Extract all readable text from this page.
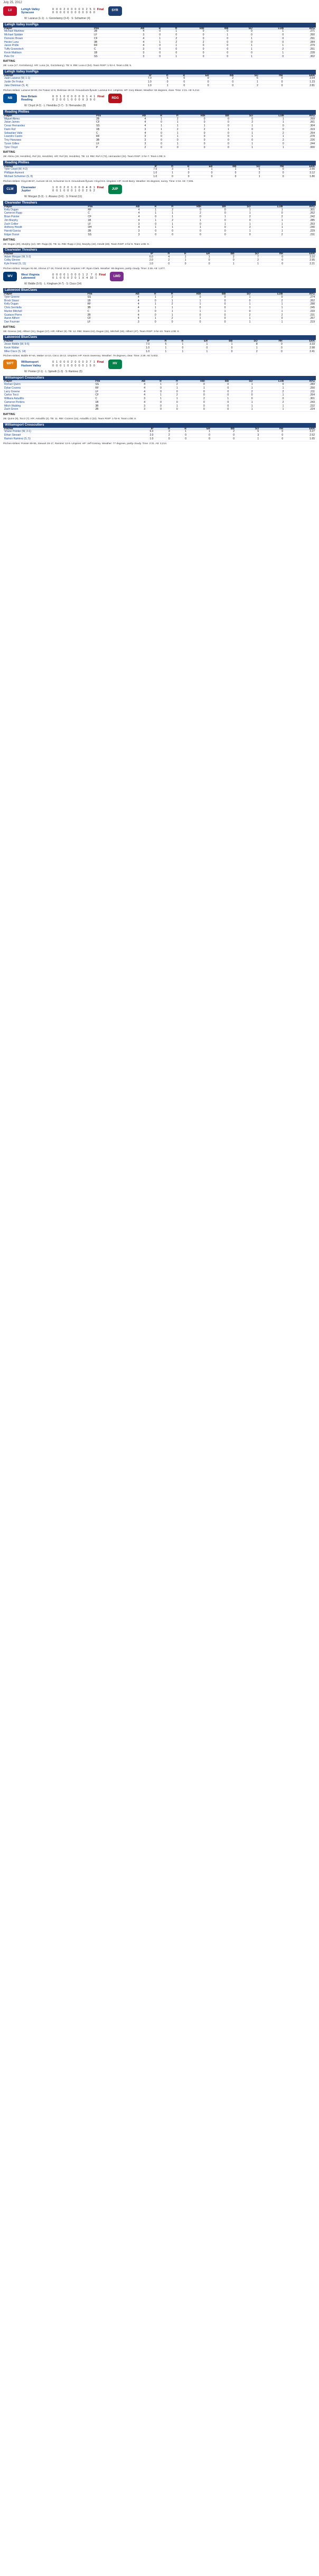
July 25, 2012
LV	Lehigh Valley	0	0	0	2	0	0	0	0	0	2	5	0	Final
Syracuse	0	0	0	0	0	0	0	0	0	0	6	0	
SYR
W: Lazarus (1-1) · L: Gorzelanny (3-4) · S: Schwimer (4)
Lehigh Valley IronPigs
Player	Pos	AB	R	H	RBI	BB	SO	LOB	AVG
Michael Martinez	2B	4	0	1	0	0	0	1	.271
Michael Spidale	LF	3	0	0	0	1	0	0	.260
Domonic Brown	CF	4	1	2	0	0	1	0	.291
Hector Luna	3B	4	1	2	2	0	0	0	.284
Jason Pridie	RF	4	0	1	0	0	1	1	.279
Tuffy Gosewisch	C	3	0	0	0	0	1	2	.251
Kevin Mattison	1B	3	0	0	0	0	0	1	.228
Pete Orr	SS	3	0	1	0	0	1	0	.302
BATTING
2B: Luna (17, Gorzelanny). HR: Luna (11, Gorzelanny). TB: 8. RBI: Luna 2 (54). Team RISP: 1-for-4. Team LOB: 5.
Lehigh Valley IronPigs
Pitcher		IP	H	R	ER	BB	SO	HR	ERA
Juan Lazarus (W, 1-1)		7.0	5	0	0	2	6	0	3.54
Justin De Fratus		1.0	0	0	0	0	1	0	1.23
Jake Diekman (S, 4)		1.0	1	0	0	0	2	0	2.81
Pitches-strikes: Lazarus 94-60, De Fratus 12-9, Diekman 19-13. Groundouts-flyouts: Lazarus 9-4. Umpires: HP: Cory Blaser. Weather: 84 degrees, clear. Time: 2:21. Att: 6,412.
NB	New Britain	0	0	1	0	0	0	0	0	0	1	4	1	Final
Reading	0	2	0	0	1	0	0	0	X	3	9	0	
RDG
W: Cloyd (4-2) · L: Hendriks (2-7) · S: Hernandez (8)
Reading Phillies
Player	Pos	AB	R	H	RBI	BB	SO	LOB	AVG
Miguel Abreu	2B	4	1	2	0	0	0	1	.269
Jiwan James	CF	4	0	1	0	0	2	1	.261
Cesar Hernandez	SS	4	1	1	1	0	1	0	.304
Darin Ruf	1B	3	1	2	2	1	0	0	.319
Sebastian Valle	C	4	0	1	0	0	1	2	.254
Leandro Castro	RF	3	0	1	0	0	1	1	.278
Troy Hanzawa	3B	3	0	0	0	0	0	2	.226
Tyson Gillies	LF	3	0	1	0	0	1	0	.244
Tyler Cloyd	P	2	0	0	0	0	1	1	.000
BATTING
2B: Abreu (19, Hendriks), Ruf (22, Hendriks). HR: Ruf (20, Hendriks). TB: 13. RBI: Ruf 2 (73), Hernandez (34). Team RISP: 2-for-7. Team LOB: 8.
Reading Phillies
Pitcher		IP	H	R	ER	BB	SO	HR	ERA
Tyler Cloyd (W, 4-2)		7.0	3	1	1	1	5	0	2.55
Phillippe Aumont		1.0	1	0	0	0	2	0	3.12
Michael Schwimer (S, 8)		1.0	0	0	0	0	1	0	1.80
Pitches-strikes: Cloyd 88-57, Aumont 15-10, Schwimer 11-8. Groundouts-flyouts: Cloyd 8-6. Umpires: HP: Scott Barry. Weather: 81 degrees, sunny. Time: 2:34. Att: 7,905.
CLW	Clearwater	1	0	0	2	0	1	0	0	0	4	8	1	Final
Jupiter	0	0	1	0	0	0	1	0	0	2	6	2	
JUP
W: Morgan (5-3) · L: Alvarez (3-6) · S: Friend (11)
Clearwater Threshers
Player	Pos	AB	R	H	RBI	BB	SO	LOB	AVG
Kelly Dugan	RF	4	1	2	0	0	1	1	.301
Cameron Rupp	C	4	1	1	2	0	1	0	.262
Brian Pointer	CF	4	0	1	0	1	2	2	.242
Jim Murphy	1B	4	1	2	1	0	0	1	.285
Zach Collier	LF	3	0	1	0	1	1	1	.253
Anthony Hewitt	DH	4	1	1	1	0	2	1	.240
Harold Garcia	2B	3	0	0	0	0	1	1	.229
Edgar Duran	SS	3	0	0	0	0	0	2	.231
BATTING
2B: Dugan (20), Murphy (14). HR: Rupp (8). TB: 11. RBI: Rupp 2 (31), Murphy (42), Hewitt (28). Team RISP: 2-for-9. Team LOB: 9.
Clearwater Threshers
Pitcher		IP	H	R	ER	BB	SO	HR	ERA
Adam Morgan (W, 5-3)		6.0	4	1	1	2	7	0	3.10
Colby Shreve		2.0	2	1	0	0	2	0	2.95
Kyle Friend (S, 11)		1.0	0	0	0	1	1	0	2.21
Pitches-strikes: Morgan 91-58, Shreve 27-18, Friend 16-10. Umpires: HP: Ryan Clark. Weather: 88 degrees, partly cloudy. Time: 2:48. Att: 1,877.
WV	West Virginia	0	0	0	0	1	0	0	0	1	2	7	0	Final
Lakewood	0	1	0	0	0	2	0	1	X	4	10	1	
LWD
W: Biddle (5-5) · L: Kingham (4-7) · S: Cisco (14)
Lakewood BlueClaws
Player	Pos	AB	R	H	RBI	BB	SO	LOB	AVG
Tyler Greene	SS	4	1	2	0	0	1	0	.274
Brock Stassi	1B	4	0	1	1	0	0	2	.262
Kelly Dugan	RF	4	1	2	1	0	1	1	.288
Chris Serritella	3B	4	1	1	0	0	1	1	.245
Marlon Mitchell	C	3	0	1	1	1	0	1	.233
Gustavo Pierre	2B	4	0	1	0	0	2	2	.231
Aaron Altherr	CF	4	1	2	1	0	1	0	.267
Dan Fournier	LF	3	0	0	0	0	1	1	.219
BATTING
2B: Greene (18), Altherr (21), Dugan (17). HR: Altherr (5). TB: 14. RBI: Stassi (44), Dugan (31), Mitchell (19), Altherr (47). Team RISP: 3-for-10. Team LOB: 8.
Lakewood BlueClaws
Pitcher		IP	H	R	ER	BB	SO	HR	ERA
Jesse Biddle (W, 5-5)		7.0	5	1	1	1	8	0	3.33
Kevin Walter		1.0	1	0	0	0	1	0	2.98
Mike Cisco (S, 14)		1.0	1	1	1	0	2	0	2.41
Pitches-strikes: Biddle 97-64, Walter 14-10, Cisco 18-12. Umpires: HP: Kevin Sweeney. Weather: 79 degrees, clear. Time: 2:39. Att: 5,602.
WPT	Williamsport	0	1	0	0	0	2	0	0	0	3	7	1	Final
Hudson Valley	0	0	0	1	0	0	0	0	0	1	5	0	
HV
W: Pointer (2-1) · L: Spinelli (1-3) · S: Ramirez (5)
Williamsport Crosscutters
Player	Pos	AB	R	H	RBI	BB	SO	LOB	AVG
Roman Quinn	SS	4	1	2	0	0	1	0	.283
Dylan Cozens	RF	4	0	1	1	0	1	1	.250
Larry Greene	LF	4	0	0	0	0	2	2	.211
Carlos Tocci	CF	4	1	2	0	0	0	1	.264
Willians Astudillo	C	3	1	1	2	1	0	0	.301
Cameron Perkins	1B	4	0	0	0	0	1	2	.243
Mitch Walding	3B	3	0	1	0	0	1	1	.232
Zach Green	2B	3	0	0	0	0	1	1	.224
BATTING
2B: Quinn (9), Tocci (7). HR: Astudillo (3). TB: 11. RBI: Cozens (15), Astudillo 2 (22). Team RISP: 1-for-6. Team LOB: 8.
Williamsport Crosscutters
Pitcher		IP	H	R	ER	BB	SO	HR	ERA
Shane Pointer (W, 2-1)		6.0	3	1	1	2	6	0	3.27
Ethan Stewart		2.0	2	0	0	0	3	0	2.52
Ramon Ramirez (S, 5)		1.0	0	0	0	0	1	0	1.65
Pitches-strikes: Pointer 89-55, Stewart 26-17, Ramirez 12-9. Umpires: HP: Jeff Gosney. Weather: 77 degrees, partly cloudy. Time: 2:31. Att: 3,214.
